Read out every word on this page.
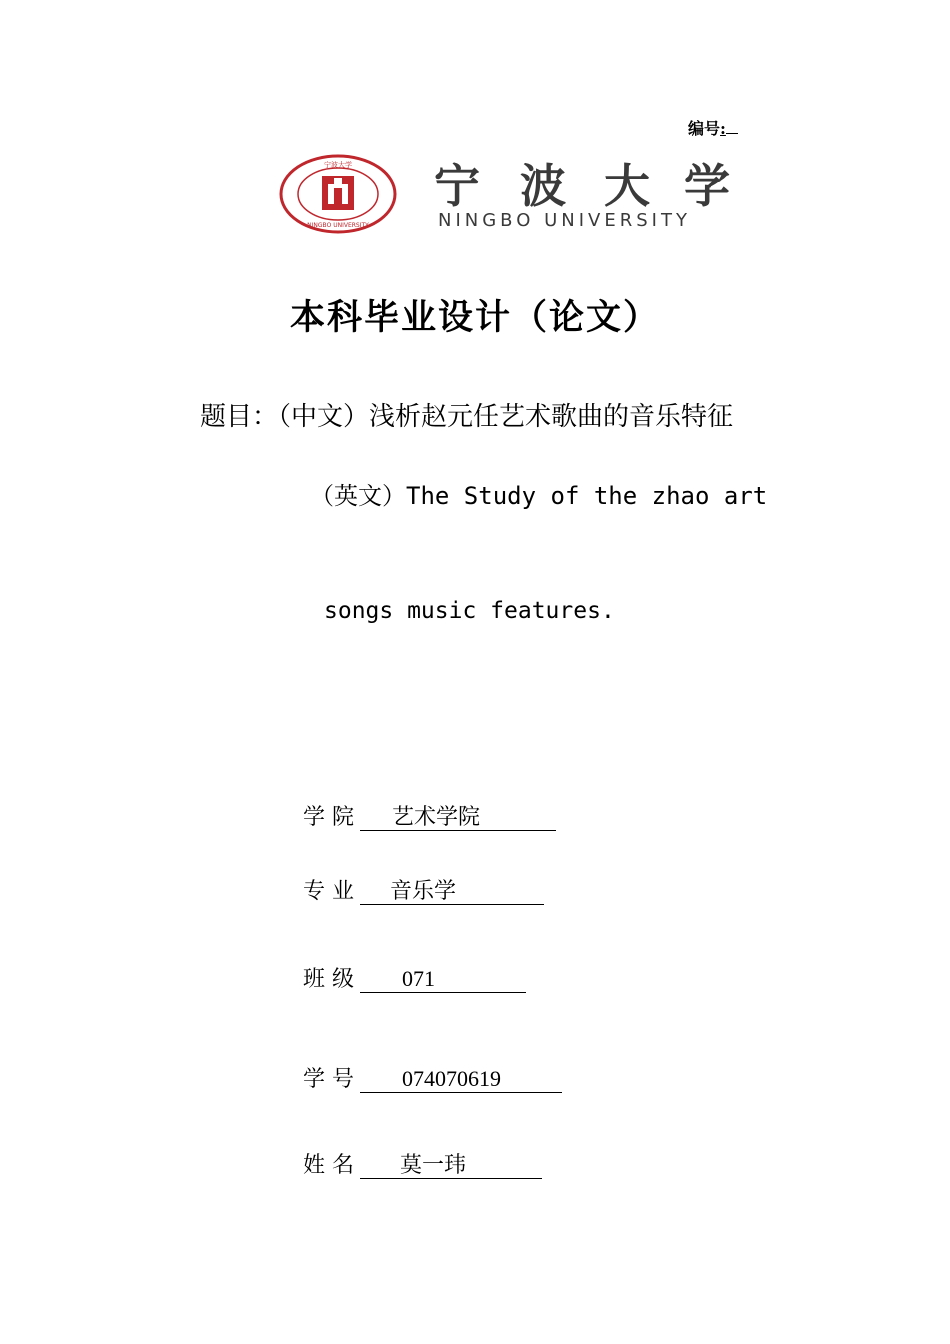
编号:
宁波大学
NINGBO UNIVERSITY
宁 波 大 学
NINGBO UNIVERSITY
本科毕业设计（论文）
题目：（中文）浅析赵元任艺术歌曲的音乐特征
（英文）The Study of the zhao art
songs music features.
学 院 艺术学院
专 业 音乐学
班 级 071
学 号 074070619
姓 名 莫一玮
